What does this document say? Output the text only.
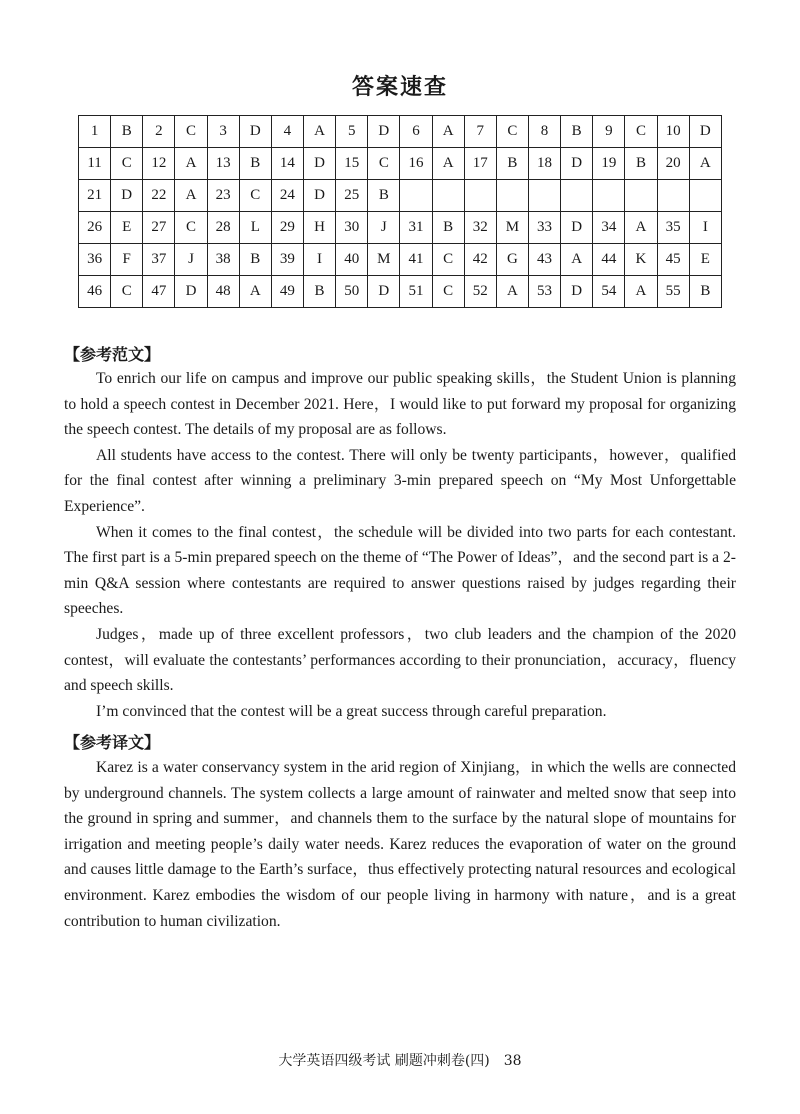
答案速查
1	B	2	C	3	D	4	A	5	D	6	A	7	C	8	B	9	C	10	D
11	C	12	A	13	B	14	D	15	C	16	A	17	B	18	D	19	B	20	A
21	D	22	A	23	C	24	D	25	B										
26	E	27	C	28	L	29	H	30	J	31	B	32	M	33	D	34	A	35	I
36	F	37	J	38	B	39	I	40	M	41	C	42	G	43	A	44	K	45	E
46	C	47	D	48	A	49	B	50	D	51	C	52	A	53	D	54	A	55	B
【参考范文】

To enrich our life on campus and improve our public speaking skills，the Student Union is planning to hold a speech contest in December 2021. Here，I would like to put forward my proposal for organizing the speech contest. The details of my proposal are as follows.

All students have access to the contest. There will only be twenty participants，however，qualified for the final contest after winning a preliminary 3-min prepared speech on “My Most Unforgettable Experience”.

When it comes to the final contest，the schedule will be divided into two parts for each contestant. The first part is a 5-min prepared speech on the theme of “The Power of Ideas”，and the second part is a 2-min Q&A session where contestants are required to answer questions raised by judges regarding their speeches.

Judges，made up of three excellent professors，two club leaders and the champion of the 2020 contest，will evaluate the contestants’ performances according to their pronunciation，accuracy，fluency and speech skills.

I’m convinced that the contest will be a great success through careful preparation.

【参考译文】

Karez is a water conservancy system in the arid region of Xinjiang，in which the wells are connected by underground channels. The system collects a large amount of rainwater and melted snow that seep into the ground in spring and summer，and channels them to the surface by the natural slope of mountains for irrigation and meeting people’s daily water needs. Karez reduces the evaporation of water on the ground and causes little damage to the Earth’s surface，thus effectively protecting natural resources and ecological environment. Karez embodies the wisdom of our people living in harmony with nature，and is a great contribution to human civilization.

大学英语四级考试 刷题冲刺卷(四) 38
